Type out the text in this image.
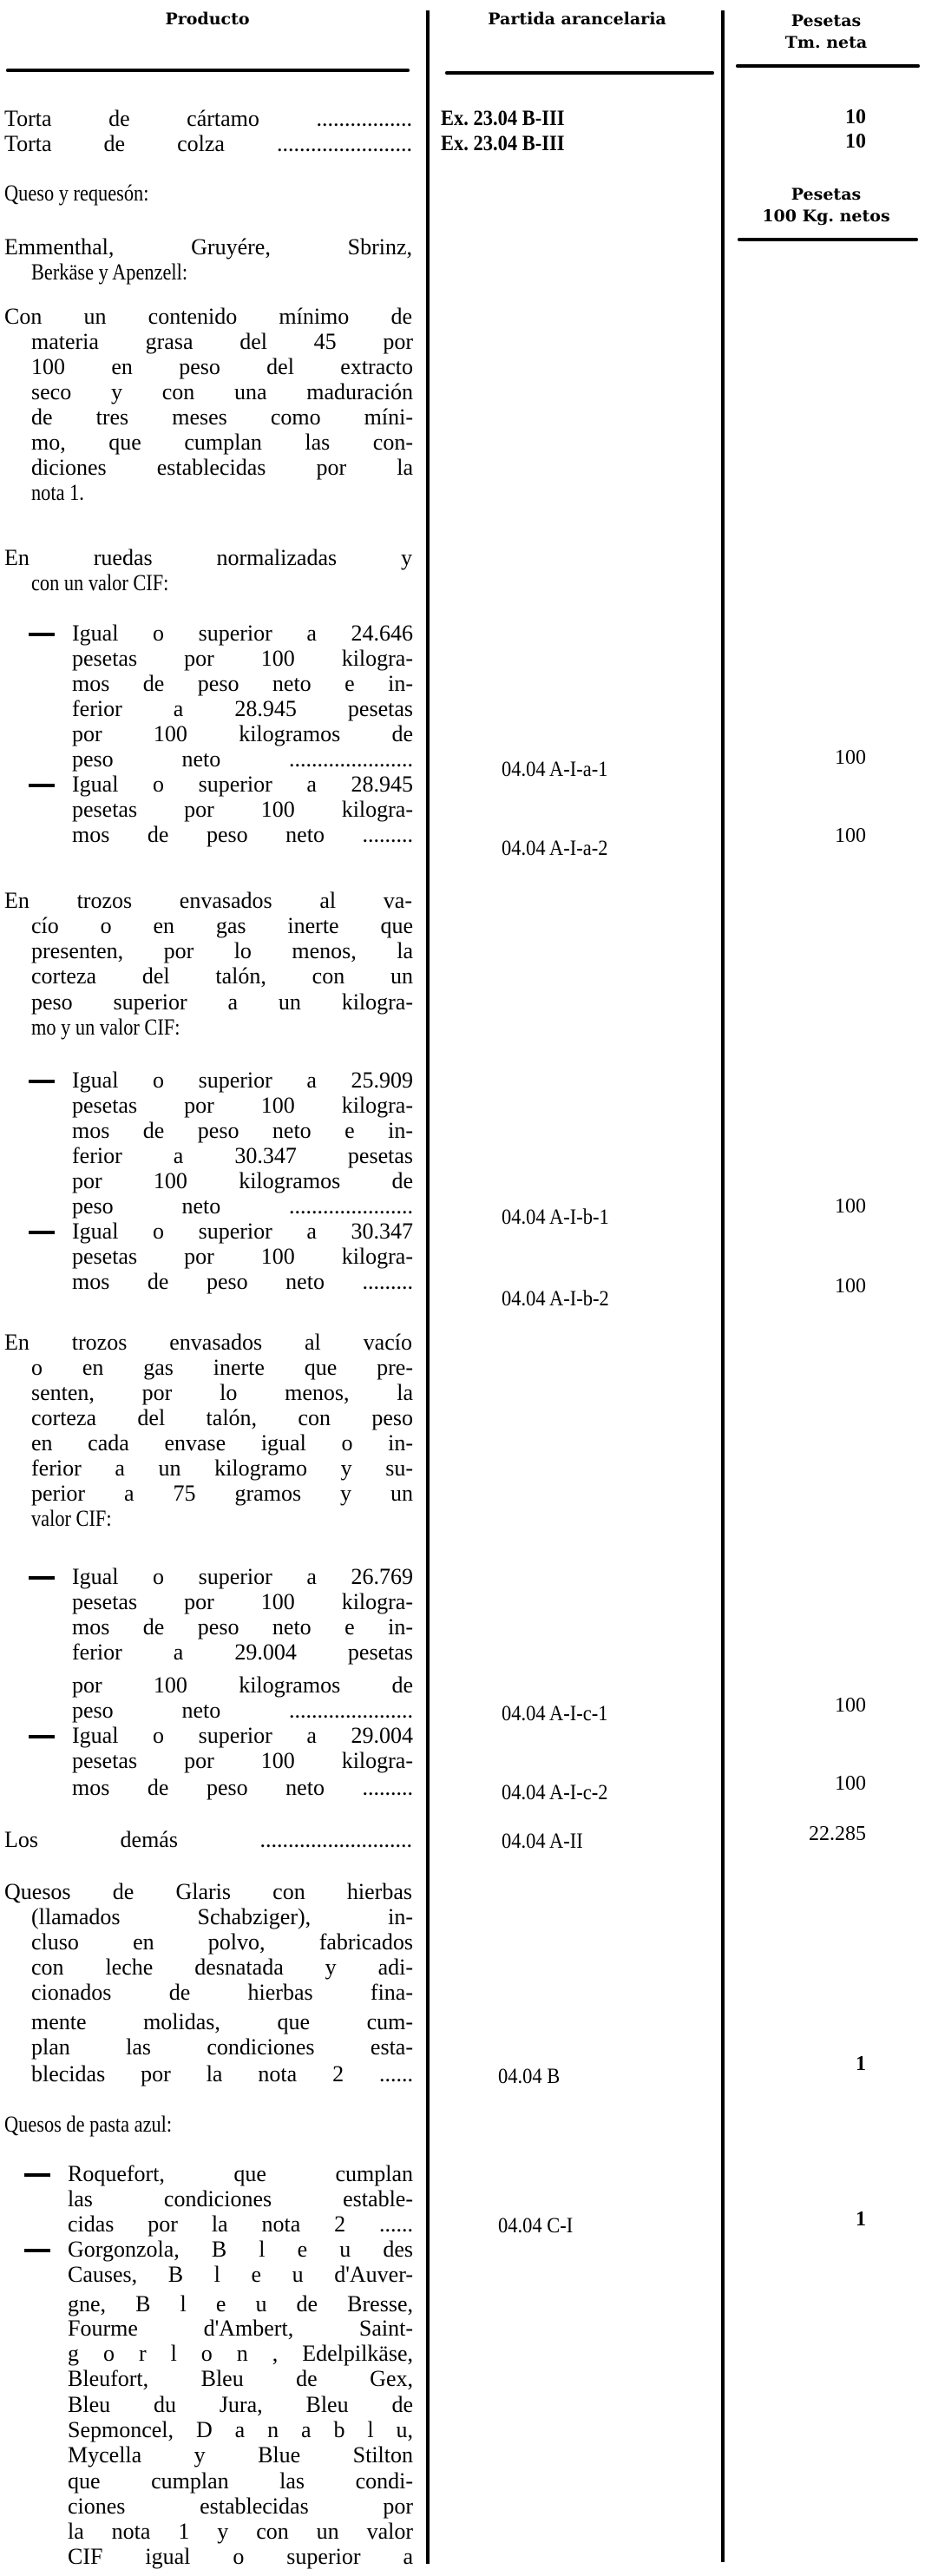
Producto	Partida arancelaria	Pesetas
Tm. neta
Pesetas
100 Kg. netos
Torta de cártamo .................
Torta de colza ........................
Queso y requesón:
Emmenthal, Gruyére, Sbrinz,
Berkäse y Apenzell:
Con un contenido mínimo de
materia grasa del 45 por
100 en peso del extracto
seco y con una maduración
de tres meses como míni-
mo, que cumplan las con-
diciones establecidas por la
nota 1.
En ruedas normalizadas y
con un valor CIF:
Igual o superior a 24.646
pesetas por 100 kilogra-
mos de peso neto e in-
ferior a 28.945 pesetas
por 100 kilogramos de
peso neto ......................
Igual o superior a 28.945
pesetas por 100 kilogra-
mos de peso neto .........
En trozos envasados al va-
cío o en gas inerte que
presenten, por lo menos, la
corteza del talón, con un
peso superior a un kilogra-
mo y un valor CIF:
Igual o superior a 25.909
pesetas por 100 kilogra-
mos de peso neto e in-
ferior a 30.347 pesetas
por 100 kilogramos de
peso neto ......................
Igual o superior a 30.347
pesetas por 100 kilogra-
mos de peso neto .........
En trozos envasados al vacío
o en gas inerte que pre-
senten, por lo menos, la
corteza del talón, con peso
en cada envase igual o in-
ferior a un kilogramo y su-
perior a 75 gramos y un
valor CIF:
Igual o superior a 26.769
pesetas por 100 kilogra-
mos de peso neto e in-
ferior a 29.004 pesetas
por 100 kilogramos de
peso neto ......................
Igual o superior a 29.004
pesetas por 100 kilogra-
mos de peso neto .........
Los demás ...........................
Quesos de Glaris con hierbas
(llamados Schabziger), in-
cluso en polvo, fabricados
con leche desnatada y adi-
cionados de hierbas fina-
mente molidas, que cum-
plan las condiciones esta-
blecidas por la nota 2 ......
Quesos de pasta azul:
Roquefort, que cumplan
las condiciones estable-
cidas por la nota 2 ......
Gorgonzola, B l e u des
Causes, B l e u d'Auver-
gne, B l e u de Bresse,
Fourme d'Ambert, Saint-
g o r l o n , Edelpilkäse,
Bleufort, Bleu de Gex,
Bleu du Jura, Bleu de
Sepmoncel, D a n a b l u,
Mycella y Blue Stilton
que cumplan las condi-
ciones establecidas por
la nota 1 y con un valor
CIF igual o superior a
Ex. 23.04 B-III
Ex. 23.04 B-III
04.04 A-I-a-1
04.04 A-I-a-2
04.04 A-I-b-1
04.04 A-I-b-2
04.04 A-I-c-1
04.04 A-I-c-2
04.04 A-II
04.04 B
04.04 C-I
10
10
100
100
100
100
100
100
22.285
1
1
